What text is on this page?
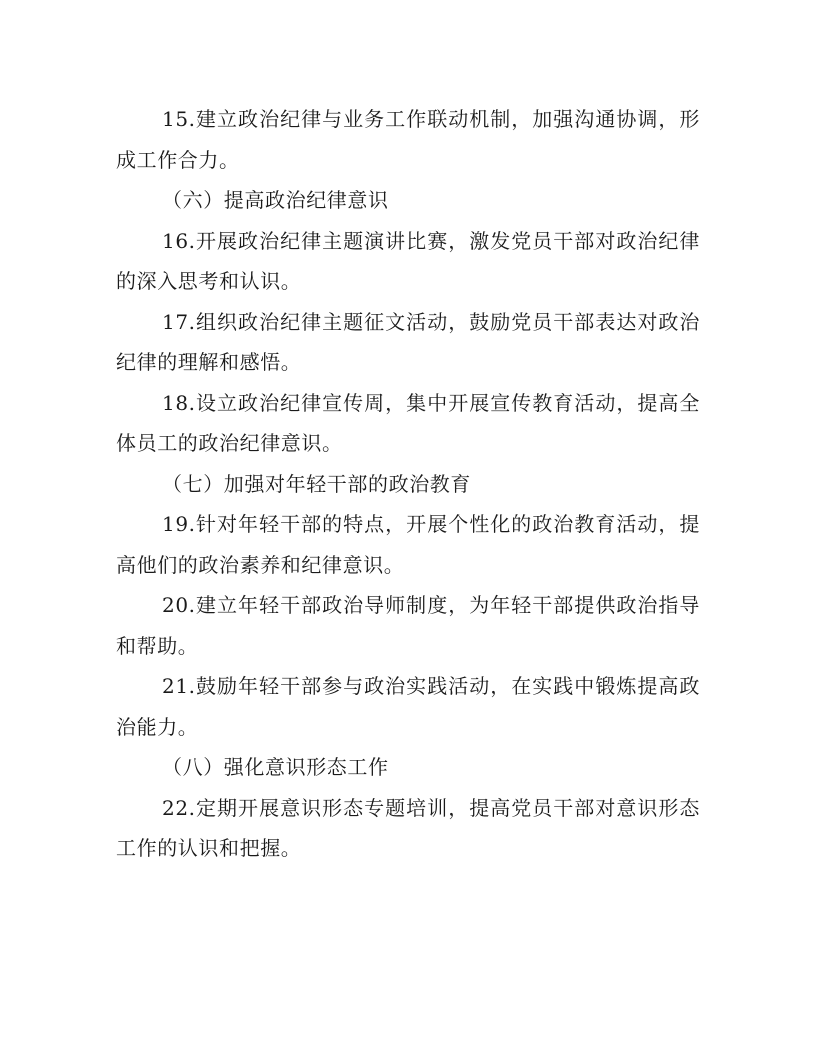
15.建立政治纪律与业务工作联动机制，加强沟通协调，形成工作合力。

（六）提高政治纪律意识

16.开展政治纪律主题演讲比赛，激发党员干部对政治纪律的深入思考和认识。

17.组织政治纪律主题征文活动，鼓励党员干部表达对政治纪律的理解和感悟。

18.设立政治纪律宣传周，集中开展宣传教育活动，提高全体员工的政治纪律意识。

（七）加强对年轻干部的政治教育

19.针对年轻干部的特点，开展个性化的政治教育活动，提高他们的政治素养和纪律意识。

20.建立年轻干部政治导师制度，为年轻干部提供政治指导和帮助。

21.鼓励年轻干部参与政治实践活动，在实践中锻炼提高政治能力。

（八）强化意识形态工作

22.定期开展意识形态专题培训，提高党员干部对意识形态工作的认识和把握。
